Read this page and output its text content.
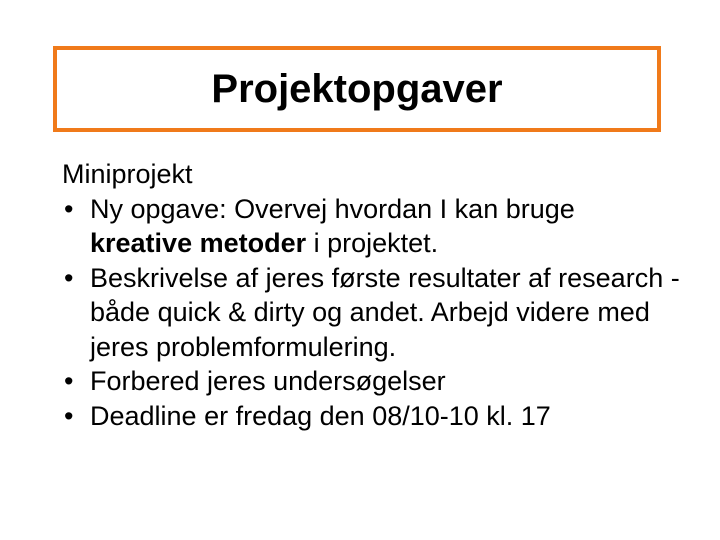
Projektopgaver

Miniprojekt

• Ny opgave: Overvej hvordan I kan bruge kreative metoder i projektet.
• Beskrivelse af jeres første resultater af research - både quick & dirty og andet. Arbejd videre med jeres problemformulering.
• Forbered jeres undersøgelser
• Deadline er fredag den 08/10-10 kl. 17
